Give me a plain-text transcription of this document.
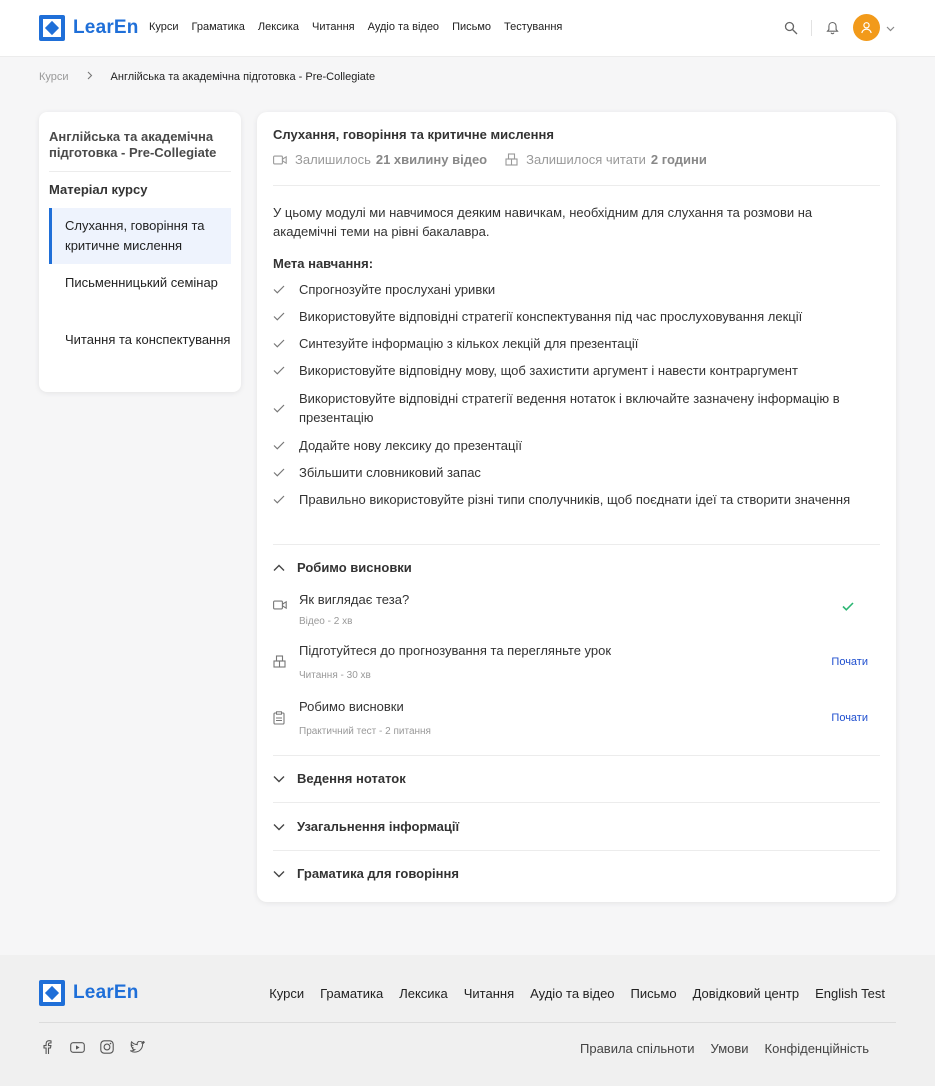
LearEn Курси Граматика Лексика Читання Аудіо та відео Письмо Тестування
Курси	Англійська та академічна підготовка - Pre-Collegiate
Англійська та академічна підготовка - Pre-Collegiate
Матеріал курсу
Слухання, говоріння та критичне мислення
Письменницький семінар
Читання та конспектування
Слухання, говоріння та критичне мислення
Залишилось 21 хвилину відео	Залишилося читати 2 години
У цьому модулі ми навчимося деяким навичкам, необхідним для слухання та розмови на академічні теми на рівні бакалавра.
Мета навчання:
Спрогнозуйте прослухані уривки
Використовуйте відповідні стратегії конспектування під час прослуховування лекції
Синтезуйте інформацію з кількох лекцій для презентації
Використовуйте відповідну мову, щоб захистити аргумент і навести контраргумент
Використовуйте відповідні стратегії ведення нотаток і включайте зазначену інформацію в презентацію
Додайте нову лексику до презентації
Збільшити словниковий запас
Правильно використовуйте різні типи сполучників, щоб поєднати ідеї та створити значення
Робимо висновки
Як виглядає теза?
Відео - 2 хв
Підготуйтеся до прогнозування та перегляньте урок
Читання - 30 хв
Почати
Робимо висновки
Практичний тест - 2 питання
Почати
Ведення нотаток
Узагальнення інформації
Граматика для говоріння
LearEn	Курси Граматика Лексика Читання Аудіо та відео Письмо Довідковий центр English Test
Правила спільноти Умови Конфіденційність
